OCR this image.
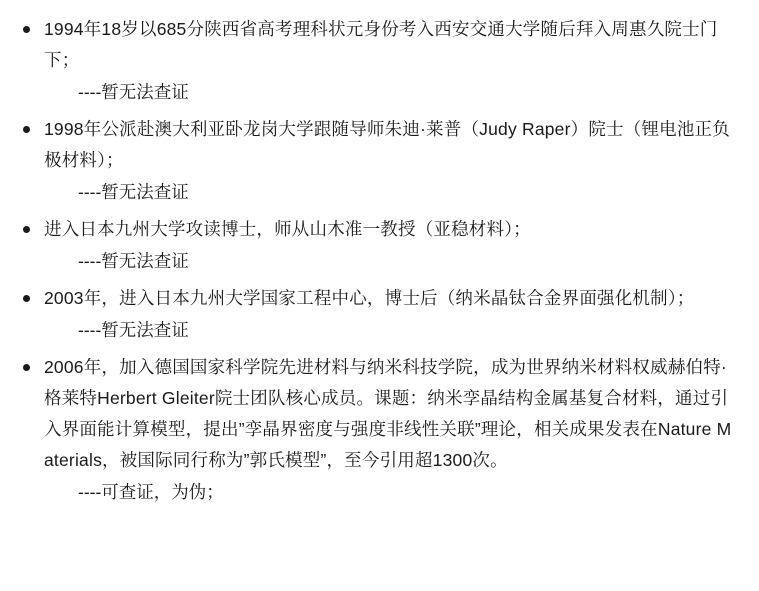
1994年18岁以685分陕西省高考理科状元身份考入西安交通大学随后拜入周惠久院士门下；
----暂无法查证
1998年公派赴澳大利亚卧龙岗大学跟随导师朱迪·莱普（Judy Raper）院士（锂电池正负极材料）；
----暂无法查证
进入日本九州大学攻读博士，师从山木准一教授（亚稳材料）；
----暂无法查证
2003年，进入日本九州大学国家工程中心，博士后（纳米晶钛合金界面强化机制）；
----暂无法查证
2006年，加入德国国家科学院先进材料与纳米科技学院，成为世界纳米材料权威赫伯特·格莱特Herbert Gleiter院士团队核心成员。课题：纳米孪晶结构金属基复合材料，通过引入界面能计算模型，提出”孪晶界密度与强度非线性关联”理论，相关成果发表在Nature Materials，被国际同行称为”郭氏模型”，至今引用超1300次。
----可查证，为伪；
